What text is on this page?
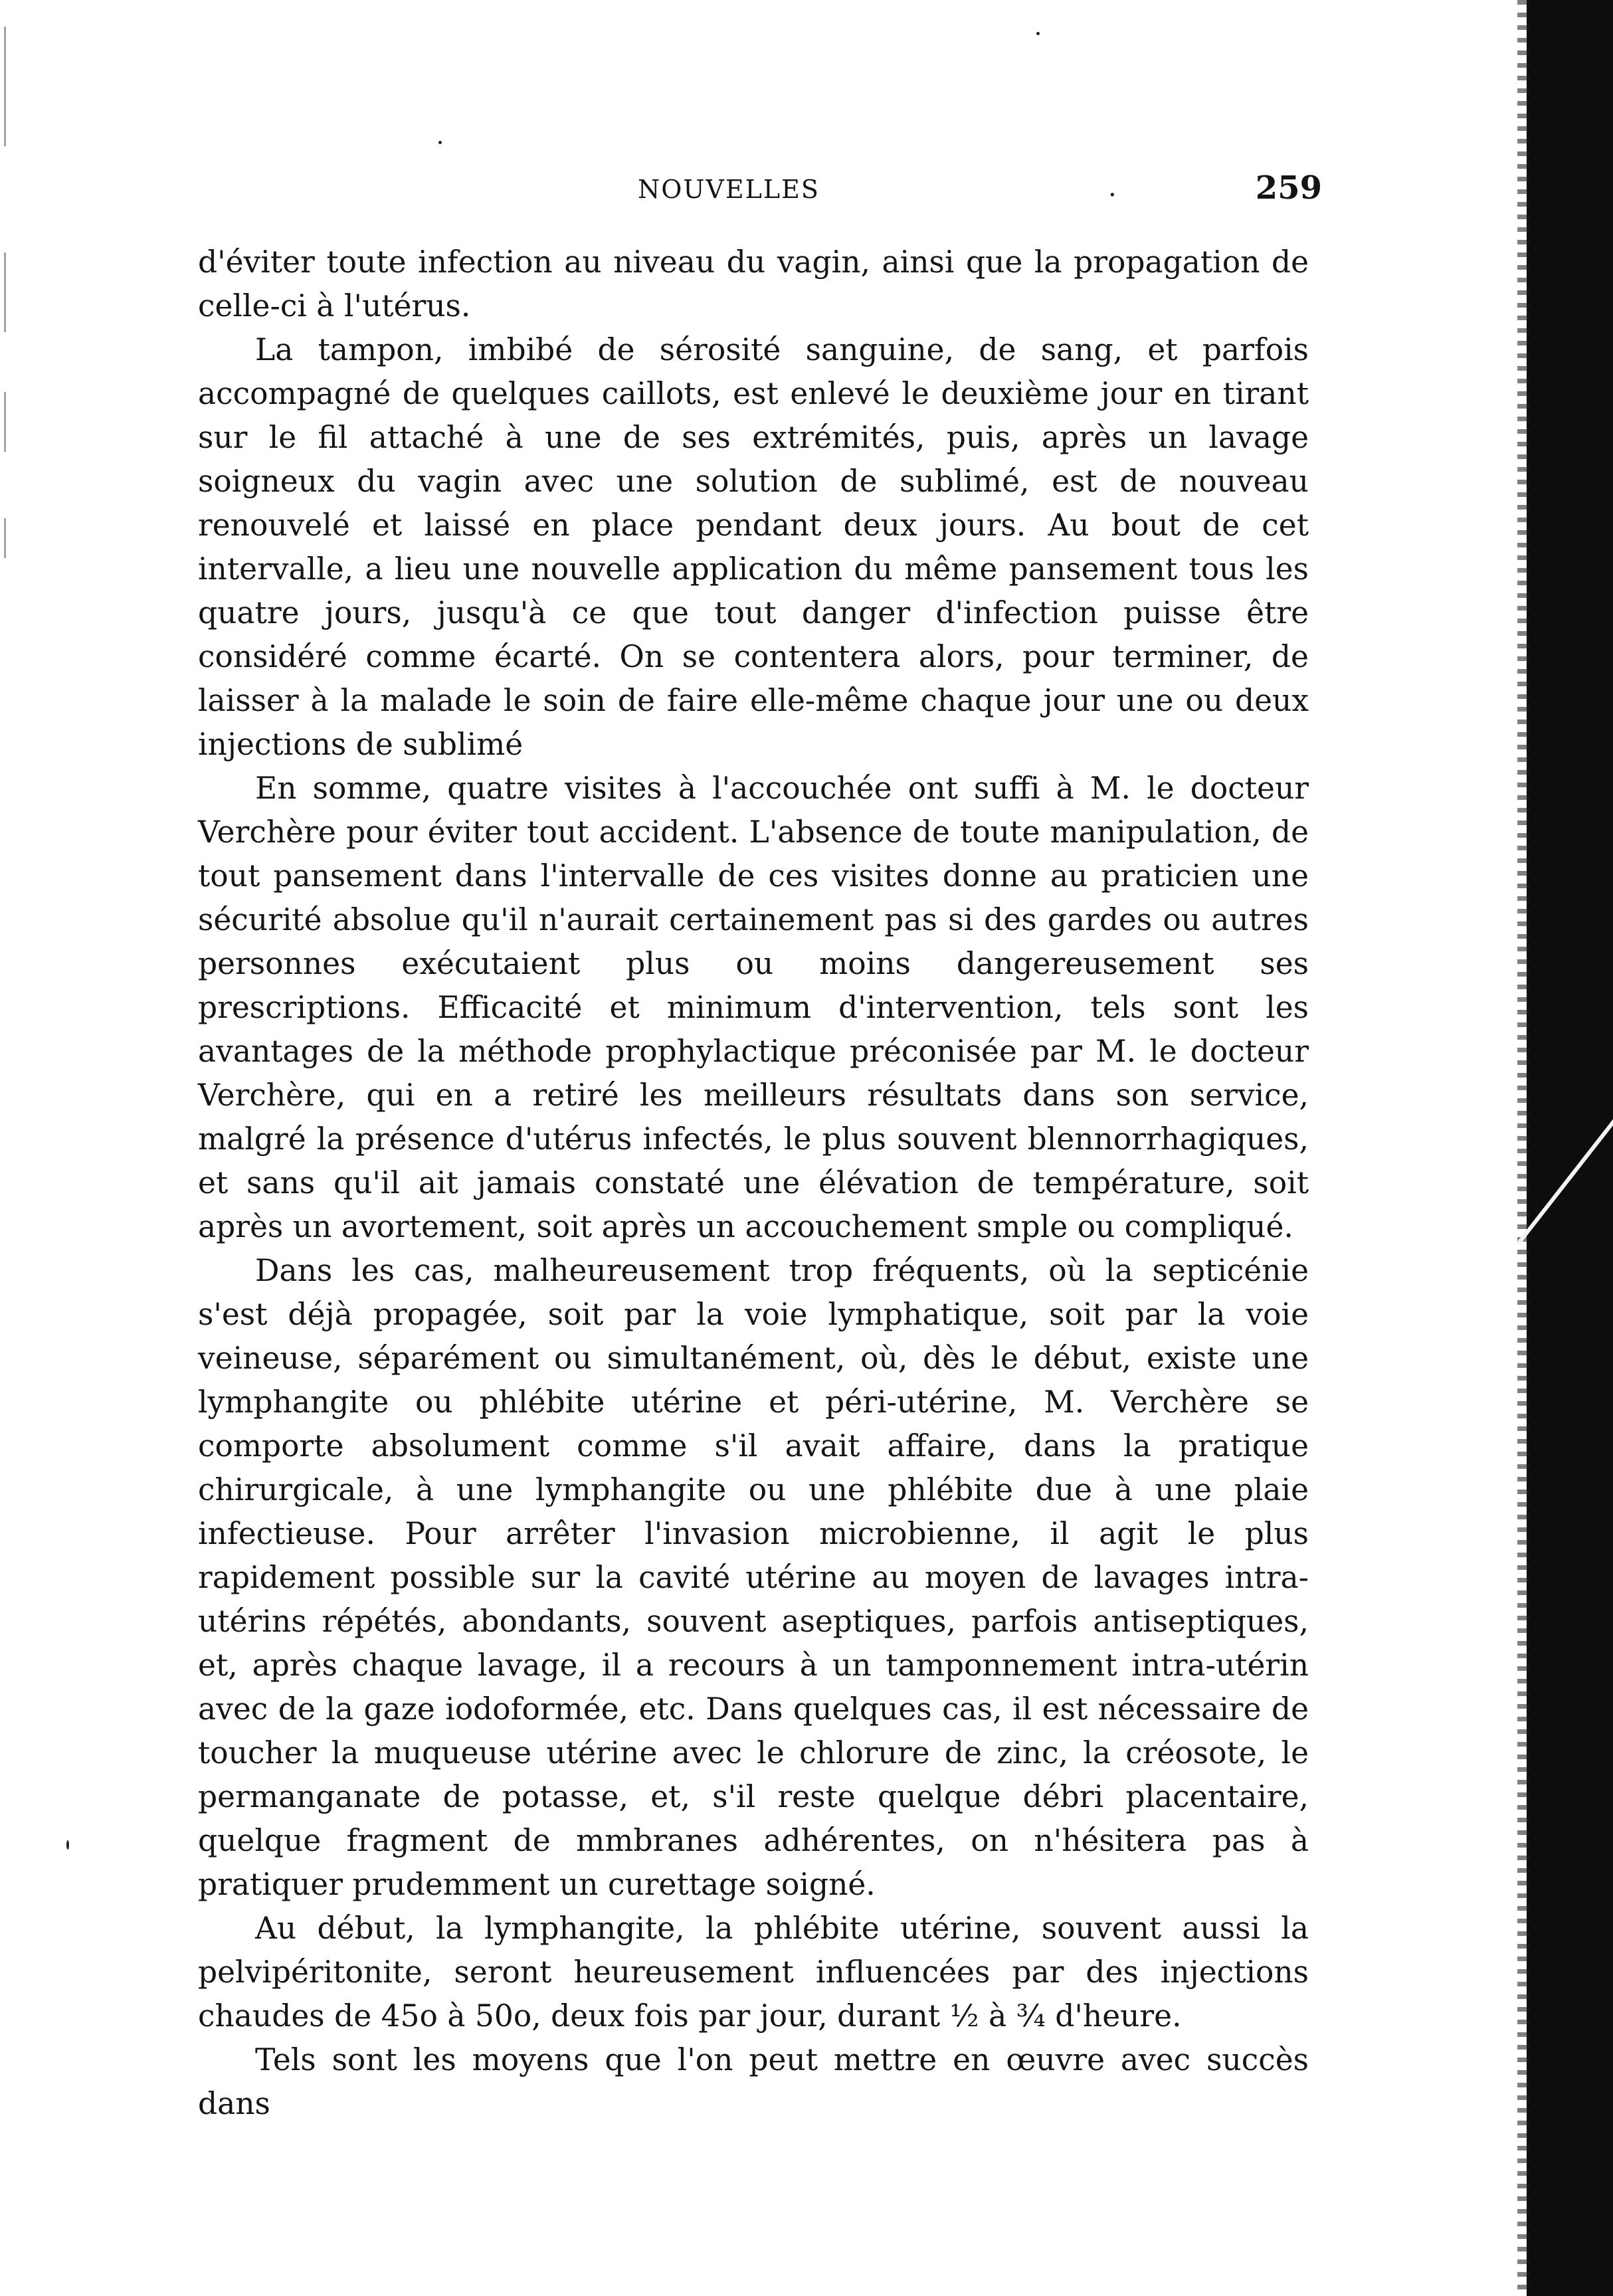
NOUVELLES	.	259

d'éviter toute infection au niveau du vagin, ainsi que la propagation de celle-ci à l'utérus.

La tampon, imbibé de sérosité sanguine, de sang, et parfois accompagné de quelques caillots, est enlevé le deuxième jour en tirant sur le fil attaché à une de ses extrémités, puis, après un lavage soigneux du vagin avec une solution de sublimé, est de nouveau renouvelé et laissé en place pendant deux jours. Au bout de cet intervalle, a lieu une nouvelle application du même pansement tous les quatre jours, jusqu'à ce que tout danger d'infection puisse être considéré comme écarté. On se contentera alors, pour terminer, de laisser à la malade le soin de faire elle-même chaque jour une ou deux injections de sublimé

En somme, quatre visites à l'accouchée ont suffi à M. le docteur Verchère pour éviter tout accident. L'absence de toute manipulation, de tout pansement dans l'intervalle de ces visites donne au praticien une sécurité absolue qu'il n'aurait certainement pas si des gardes ou autres personnes exécutaient plus ou moins dangereusement ses prescriptions. Efficacité et minimum d'intervention, tels sont les avantages de la méthode prophylactique préconisée par M. le docteur Verchère, qui en a retiré les meilleurs résultats dans son service, malgré la présence d'utérus infectés, le plus souvent blennorrhagiques, et sans qu'il ait jamais constaté une élévation de température, soit après un avortement, soit après un accouchement smple ou compliqué.

Dans les cas, malheureusement trop fréquents, où la septicénie s'est déjà propagée, soit par la voie lymphatique, soit par la voie veineuse, séparément ou simultanément, où, dès le début, existe une lymphangite ou phlébite utérine et péri-utérine, M. Verchère se comporte absolument comme s'il avait affaire, dans la pratique chirurgicale, à une lymphangite ou une phlébite due à une plaie infectieuse. Pour arrêter l'invasion microbienne, il agit le plus rapidement possible sur la cavité utérine au moyen de lavages intra-utérins répétés, abondants, souvent aseptiques, parfois antiseptiques, et, après chaque lavage, il a recours à un tamponnement intra-utérin avec de la gaze iodoformée, etc. Dans quelques cas, il est nécessaire de toucher la muqueuse utérine avec le chlorure de zinc, la créosote, le permanganate de potasse, et, s'il reste quelque débri placentaire, quelque fragment de mmbranes adhérentes, on n'hésitera pas à pratiquer prudemment un curettage soigné.

Au début, la lymphangite, la phlébite utérine, souvent aussi la pelvipéritonite, seront heureusement influencées par des injections chaudes de 45o à 50o, deux fois par jour, durant ½ à ¾ d'heure.

Tels sont les moyens que l'on peut mettre en œuvre avec succès dans
